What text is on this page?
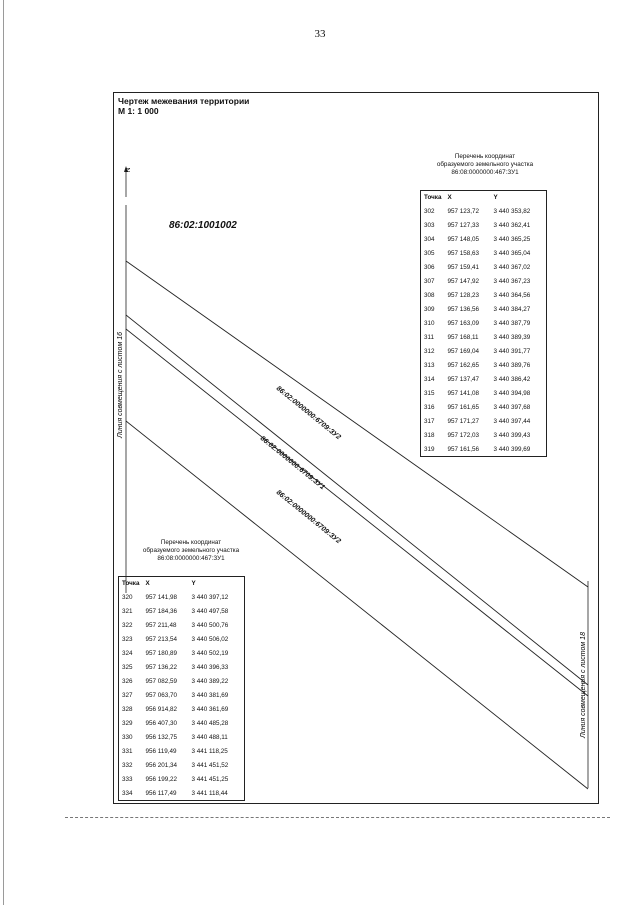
33
Чертеж межевания территории
М 1: 1 000
N
Линия совмещения с листом 16
Линия совмещения с листом 18
86:02:1001002
86:02:0000000:6709:ЗУ2
86:02:0000000:6709:ЗУ1
86:02:0000000:6709:ЗУ2
Перечень координат
образуемого земельного участка
86:08:0000000:467:ЗУ1
Точка	X	Y
302	957 123,72	3 440 353,82
303	957 127,33	3 440 362,41
304	957 148,05	3 440 365,25
305	957 158,63	3 440 365,04
306	957 159,41	3 440 367,02
307	957 147,92	3 440 367,23
308	957 128,23	3 440 364,56
309	957 136,56	3 440 384,27
310	957 163,09	3 440 387,79
311	957 168,11	3 440 389,39
312	957 169,04	3 440 391,77
313	957 162,65	3 440 389,76
314	957 137,47	3 440 386,42
315	957 141,08	3 440 394,98
316	957 161,65	3 440 397,68
317	957 171,27	3 440 397,44
318	957 172,03	3 440 399,43
319	957 161,56	3 440 399,69
Перечень координат
образуемого земельного участка
86:08:0000000:467:ЗУ1
Точка	X	Y
320	957 141,98	3 440 397,12
321	957 184,36	3 440 497,58
322	957 211,48	3 440 500,76
323	957 213,54	3 440 506,02
324	957 180,89	3 440 502,19
325	957 136,22	3 440 396,33
326	957 082,59	3 440 389,22
327	957 063,70	3 440 381,69
328	956 914,82	3 440 361,69
329	956 407,30	3 440 485,28
330	956 132,75	3 440 488,11
331	956 119,49	3 441 118,25
332	956 201,34	3 441 451,52
333	956 199,22	3 441 451,25
334	956 117,49	3 441 118,44
